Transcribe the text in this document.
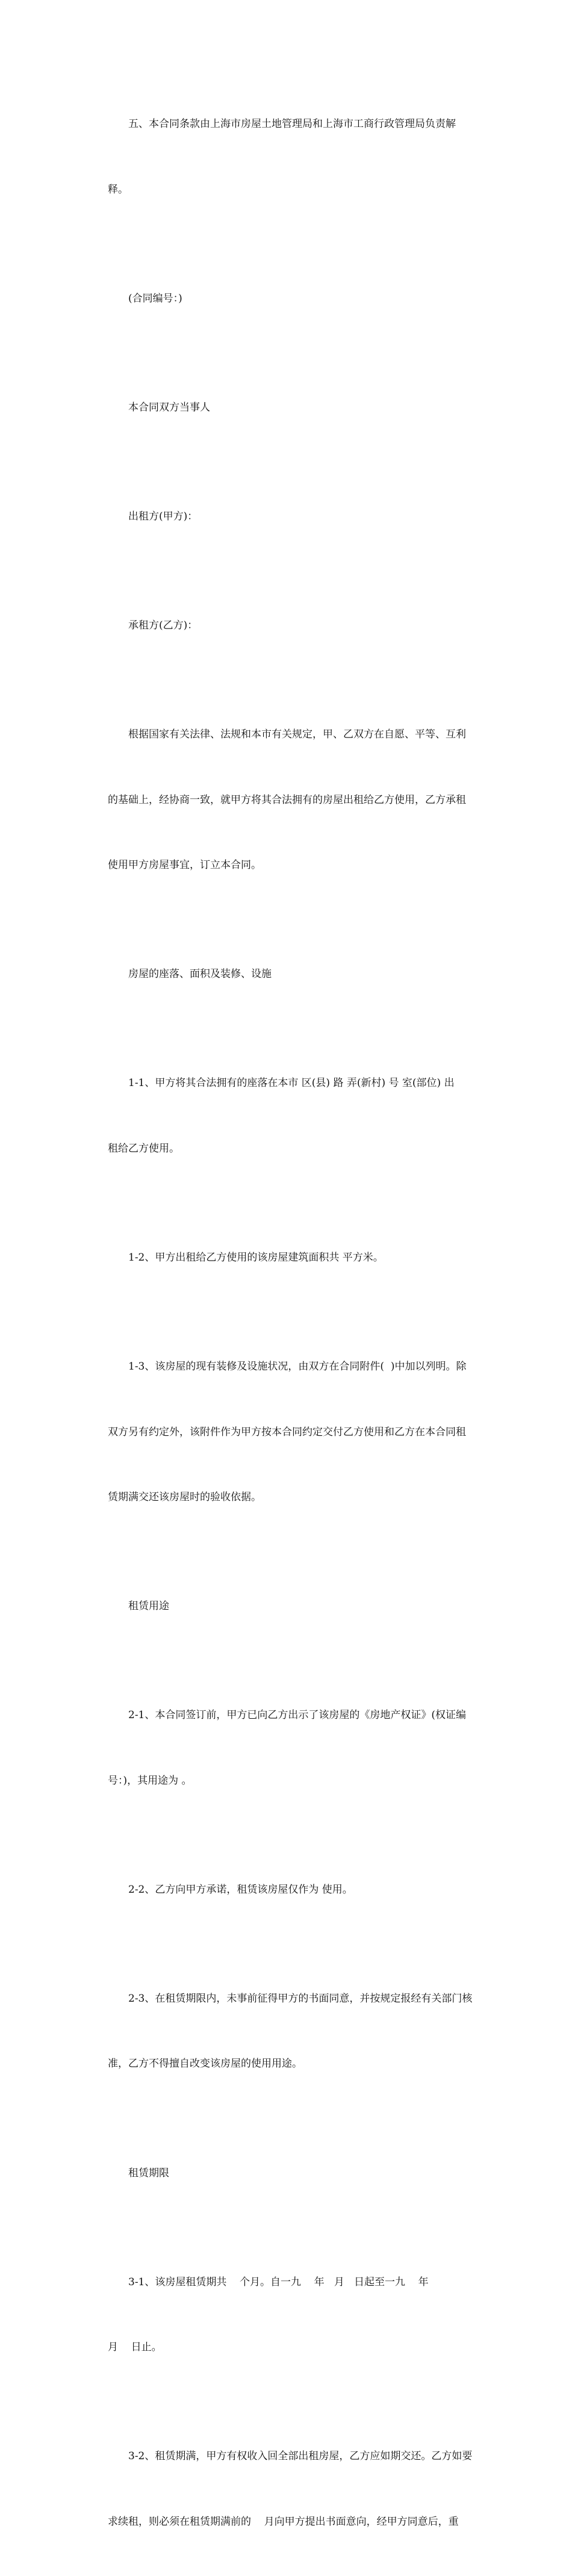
五、本合同条款由上海市房屋土地管理局和上海市工商行政管理局负责解

释。

(合同编号：)

本合同双方当事人

出租方(甲方)：

承租方(乙方)：

根据国家有关法律、法规和本市有关规定，甲、乙双方在自愿、平等、互利

的基础上，经协商一致，就甲方将其合法拥有的房屋出租给乙方使用，乙方承租

使用甲方房屋事宜，订立本合同。

房屋的座落、面积及装修、设施

1-1、甲方将其合法拥有的座落在本市 区(县) 路 弄(新村) 号 室(部位) 出

租给乙方使用。

1-2、甲方出租给乙方使用的该房屋建筑面积共 平方米。

1-3、该房屋的现有装修及设施状况，由双方在合同附件(  )中加以列明。除

双方另有约定外，该附件作为甲方按本合同约定交付乙方使用和乙方在本合同租

赁期满交还该房屋时的验收依据。

租赁用途

2-1、本合同签订前，甲方已向乙方出示了该房屋的《房地产权证》(权证编

号：)，其用途为 。

2-2、乙方向甲方承诺，租赁该房屋仅作为 使用。

2-3、在租赁期限内，未事前征得甲方的书面同意，并按规定报经有关部门核

准，乙方不得擅自改变该房屋的使用用途。

租赁期限

3-1、该房屋租赁期共    个月。自一九    年   月   日起至一九    年

月    日止。

3-2、租赁期满，甲方有权收入回全部出租房屋，乙方应如期交还。乙方如要

求续租，则必须在租赁期满前的    月向甲方提出书面意向，经甲方同意后，重
